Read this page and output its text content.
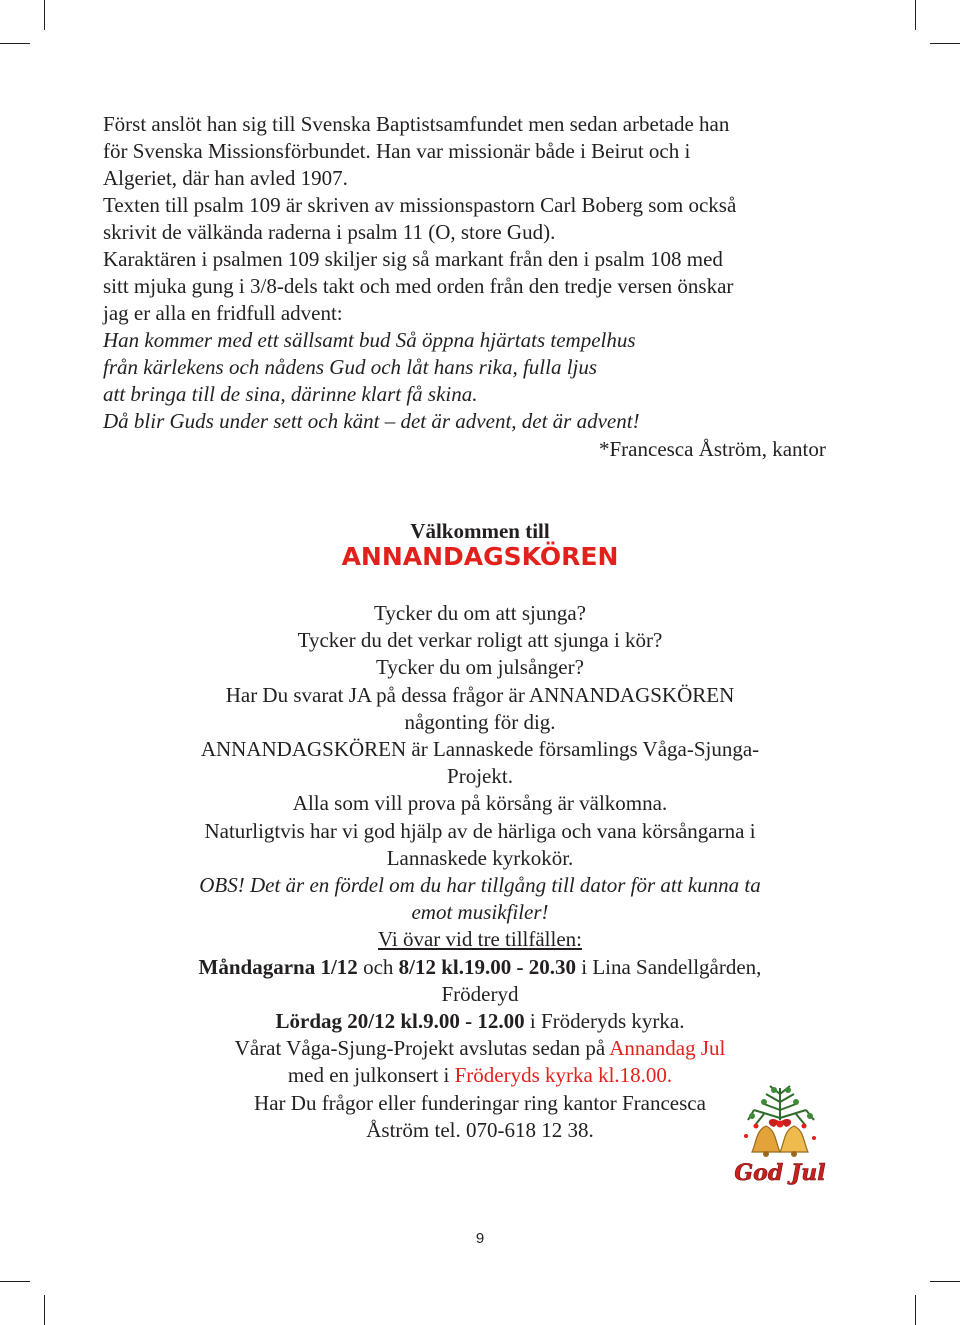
Först anslöt han sig till Svenska Baptistsamfundet men sedan arbetade han

för Svenska Missionsförbundet. Han var missionär både i Beirut och i

Algeriet, där han avled 1907.

Texten till psalm 109 är skriven av missionspastorn Carl Boberg som också

skrivit de välkända raderna i psalm 11 (O, store Gud).

Karaktären i psalmen 109 skiljer sig så markant från den i psalm 108 med

sitt mjuka gung i 3/8-dels takt och med orden från den tredje versen önskar

jag er alla en fridfull advent:

Han kommer med ett sällsamt bud Så öppna hjärtats tempelhus

från kärlekens och nådens Gud och låt hans rika, fulla ljus

att bringa till de sina, därinne klart få skina.

Då blir Guds under sett och känt – det är advent, det är advent!

*Francesca Åström, kantor
Välkommen till
ANNANDAGSKÖREN

Tycker du om att sjunga?

Tycker du det verkar roligt att sjunga i kör?

Tycker du om julsånger?

Har Du svarat JA på dessa frågor är ANNANDAGSKÖREN

någonting för dig.

ANNANDAGSKÖREN är Lannaskede församlings Våga-Sjunga-

Projekt.

Alla som vill prova på körsång är välkomna.

Naturligtvis har vi god hjälp av de härliga och vana körsångarna i

Lannaskede kyrkokör.

OBS! Det är en fördel om du har tillgång till dator för att kunna ta

emot musikfiler!

Vi övar vid tre tillfällen:

Måndagarna 1/12 och 8/12 kl.19.00 - 20.30 i Lina Sandellgården,

Fröderyd

Lördag 20/12 kl.9.00 - 12.00 i Fröderyds kyrka.

Vårat Våga-Sjung-Projekt avslutas sedan på Annandag Jul

med en julkonsert i Fröderyds kyrka kl.18.00.

Har Du frågor eller funderingar ring kantor Francesca

Åström tel. 070-618 12 38.

God Jul
9
